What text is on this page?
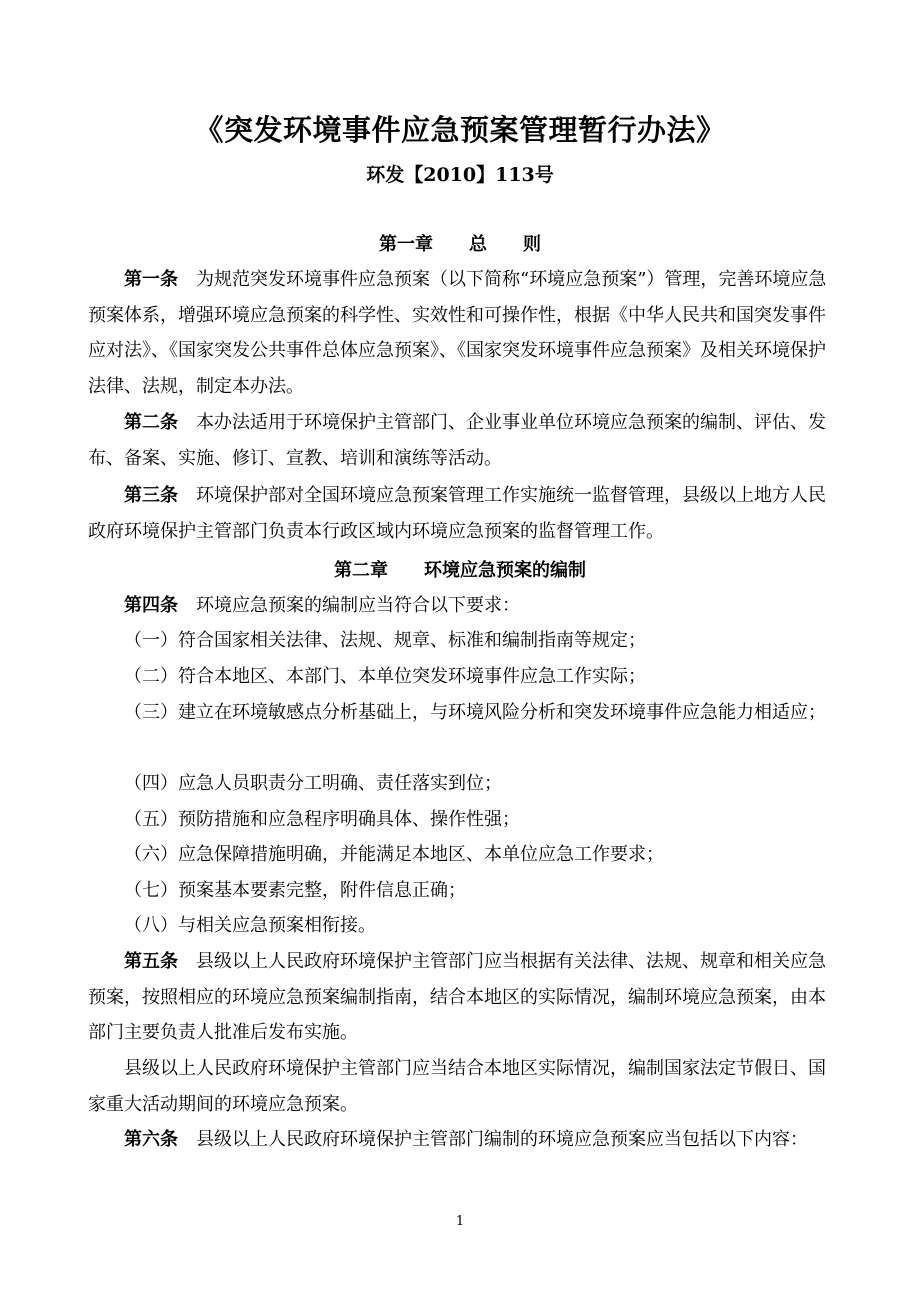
《突发环境事件应急预案管理暂行办法》
环发【2010】113号
第一章　　总　　则
第一条 为规范突发环境事件应急预案（以下简称“环境应急预案”）管理，完善环境应急预案体系，增强环境应急预案的科学性、实效性和可操作性，根据《中华人民共和国突发事件应对法》、《国家突发公共事件总体应急预案》、《国家突发环境事件应急预案》及相关环境保护法律、法规，制定本办法。
第二条 本办法适用于环境保护主管部门、企业事业单位环境应急预案的编制、评估、发布、备案、实施、修订、宣教、培训和演练等活动。
第三条 环境保护部对全国环境应急预案管理工作实施统一监督管理，县级以上地方人民政府环境保护主管部门负责本行政区域内环境应急预案的监督管理工作。
第二章　　环境应急预案的编制
第四条 环境应急预案的编制应当符合以下要求：
（一）符合国家相关法律、法规、规章、标准和编制指南等规定；
（二）符合本地区、本部门、本单位突发环境事件应急工作实际；
（三）建立在环境敏感点分析基础上，与环境风险分析和突发环境事件应急能力相适应；
（四）应急人员职责分工明确、责任落实到位；
（五）预防措施和应急程序明确具体、操作性强；
（六）应急保障措施明确，并能满足本地区、本单位应急工作要求；
（七）预案基本要素完整，附件信息正确；
（八）与相关应急预案相衔接。
第五条 县级以上人民政府环境保护主管部门应当根据有关法律、法规、规章和相关应急预案，按照相应的环境应急预案编制指南，结合本地区的实际情况，编制环境应急预案，由本部门主要负责人批准后发布实施。
县级以上人民政府环境保护主管部门应当结合本地区实际情况，编制国家法定节假日、国家重大活动期间的环境应急预案。
第六条 县级以上人民政府环境保护主管部门编制的环境应急预案应当包括以下内容：
1
